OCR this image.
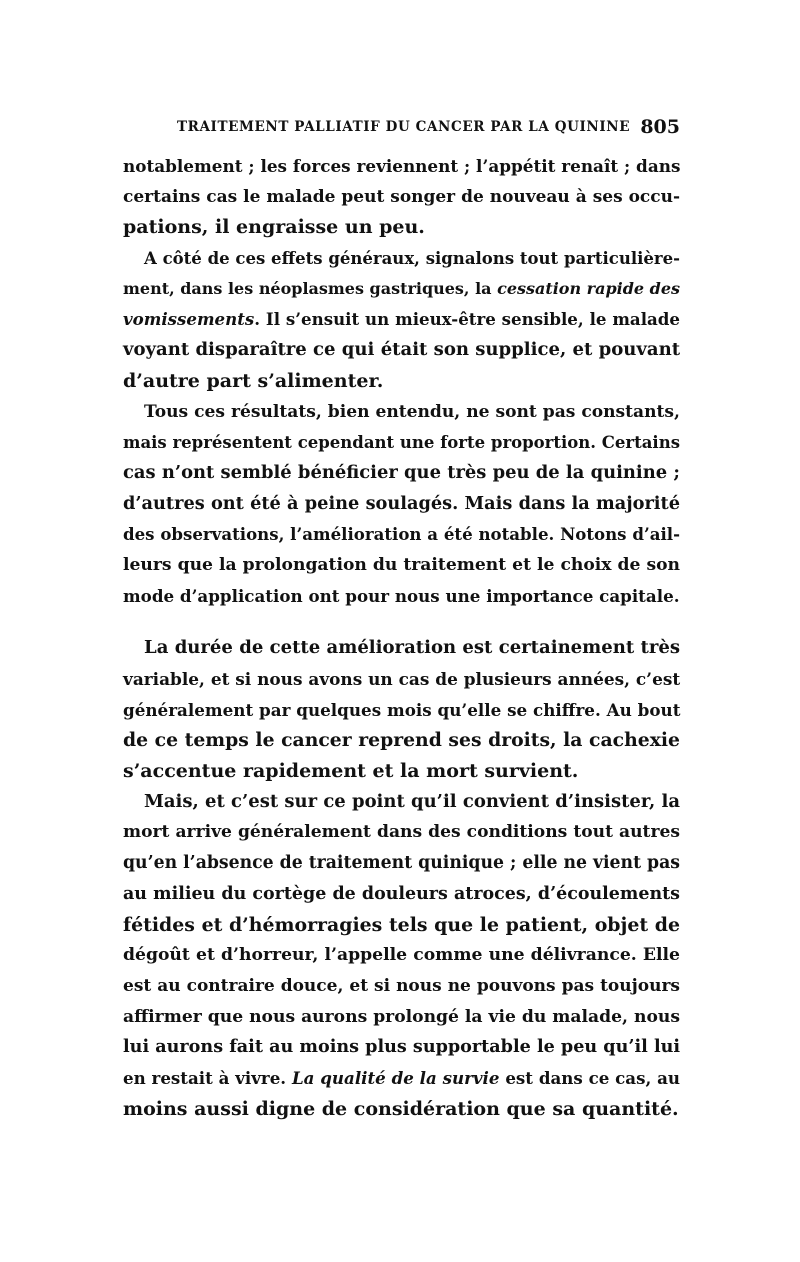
TRAITEMENT PALLIATIF DU CANCER PAR LA QUININE 805
notablement ; les forces reviennent ; l’appétit renaît ; dans
certains cas le malade peut songer de nouveau à ses occu-
pations, il engraisse un peu.
A côté de ces effets généraux, signalons tout particulière-
ment, dans les néoplasmes gastriques, la cessation rapide des
vomissements. Il s’ensuit un mieux-être sensible, le malade
voyant disparaître ce qui était son supplice, et pouvant
d’autre part s’alimenter.
Tous ces résultats, bien entendu, ne sont pas constants,
mais représentent cependant une forte proportion. Certains
cas n’ont semblé bénéficier que très peu de la quinine ;
d’autres ont été à peine soulagés. Mais dans la majorité
des observations, l’amélioration a été notable. Notons d’ail-
leurs que la prolongation du traitement et le choix de son
mode d’application ont pour nous une importance capitale.
La durée de cette amélioration est certainement très
variable, et si nous avons un cas de plusieurs années, c’est
généralement par quelques mois qu’elle se chiffre. Au bout
de ce temps le cancer reprend ses droits, la cachexie
s’accentue rapidement et la mort survient.
Mais, et c’est sur ce point qu’il convient d’insister, la
mort arrive généralement dans des conditions tout autres
qu’en l’absence de traitement quinique ; elle ne vient pas
au milieu du cortège de douleurs atroces, d’écoulements
fétides et d’hémorragies tels que le patient, objet de
dégoût et d’horreur, l’appelle comme une délivrance. Elle
est au contraire douce, et si nous ne pouvons pas toujours
affirmer que nous aurons prolongé la vie du malade, nous
lui aurons fait au moins plus supportable le peu qu’il lui
en restait à vivre. La qualité de la survie est dans ce cas, au
moins aussi digne de considération que sa quantité.
